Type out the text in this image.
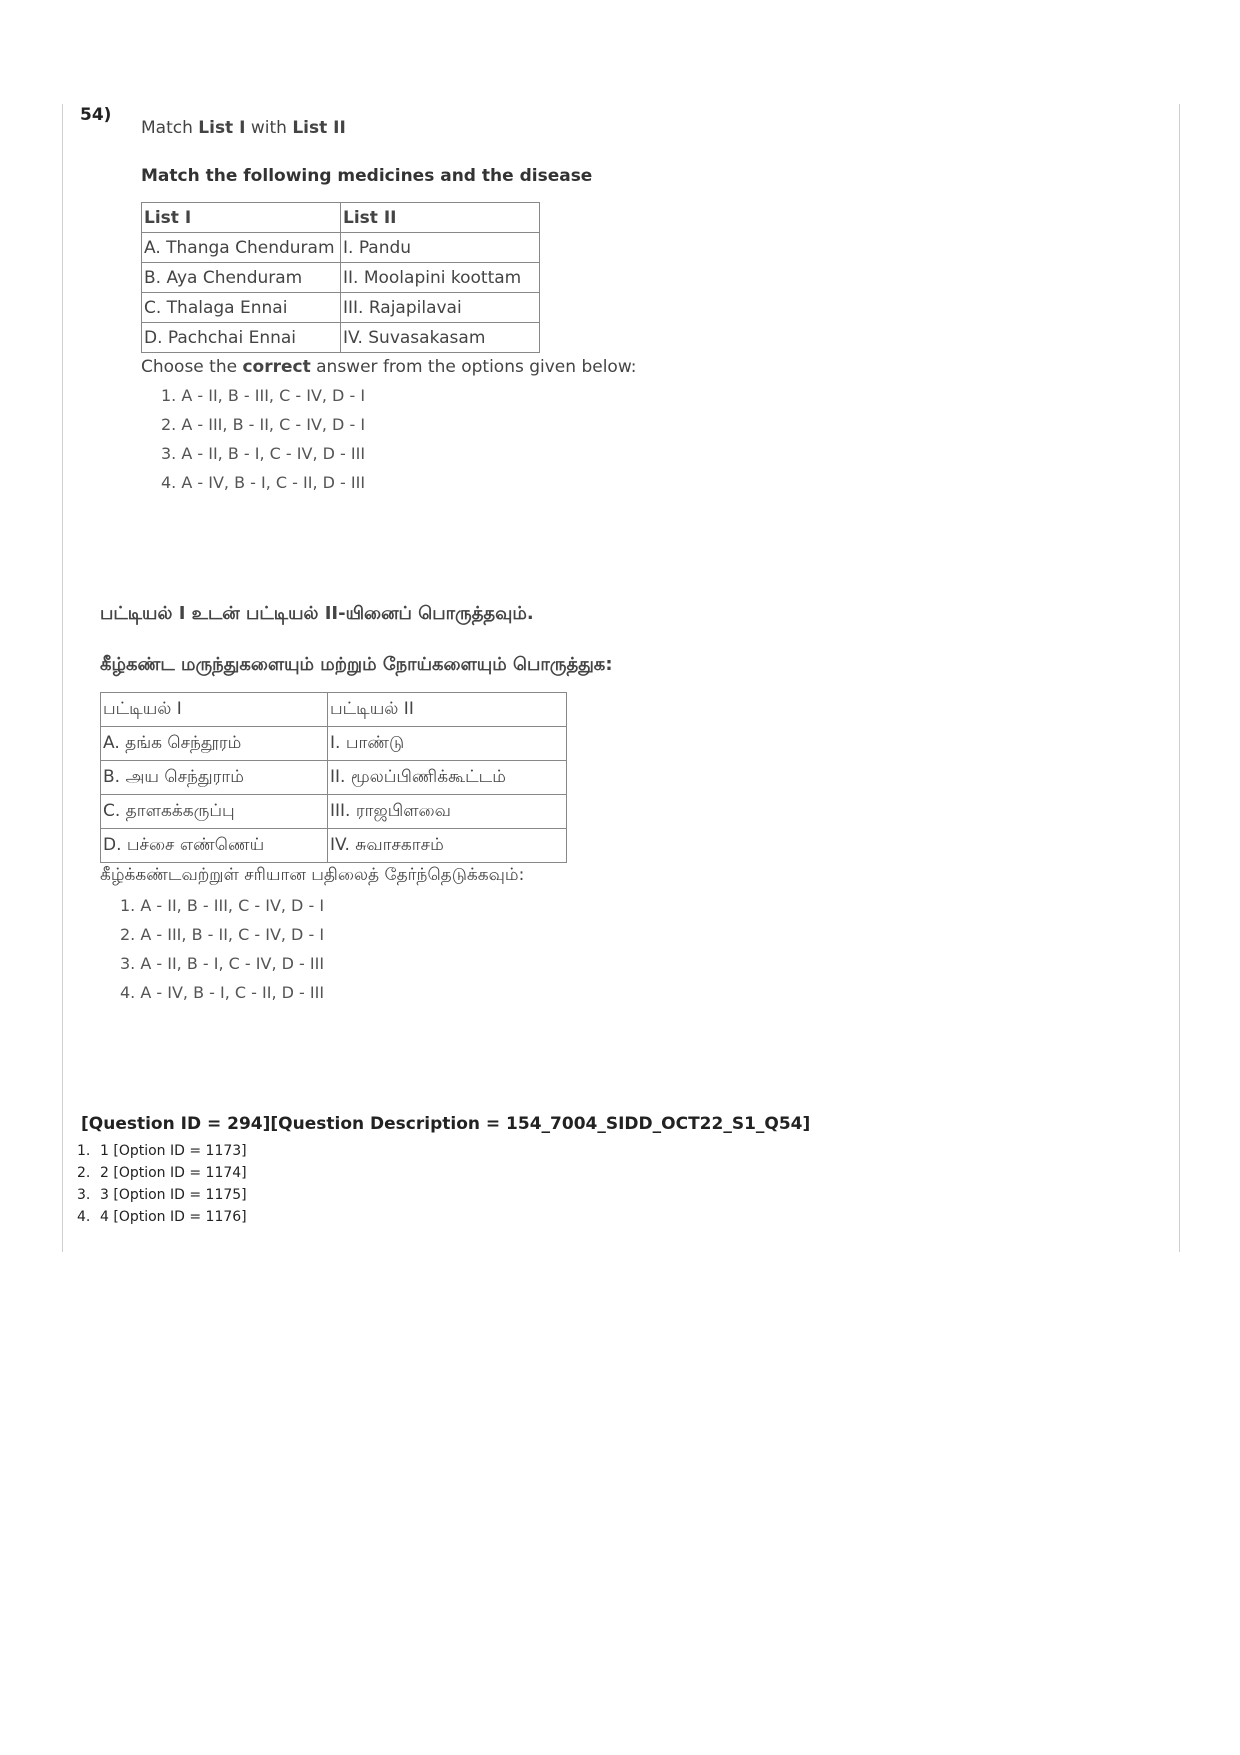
54)

Match List I with List II

Match the following medicines and the disease

List I	List II
A. Thanga Chenduram	I. Pandu
B. Aya Chenduram	II. Moolapini koottam
C. Thalaga Ennai	III. Rajapilavai
D. Pachchai Ennai	IV. Suvasakasam

Choose the correct answer from the options given below:

1. A - II, B - III, C - IV, D - I
2. A - III, B - II, C - IV, D - I
3. A - II, B - I, C - IV, D - III
4. A - IV, B - I, C - II, D - III

பட்டியல் I உடன் பட்டியல் II-யினைப் பொருத்தவும்.

கீழ்கண்ட மருந்துகளையும் மற்றும் நோய்களையும் பொருத்துக:

பட்டியல் I	பட்டியல் II
A. தங்க செந்தூரம்	I. பாண்டு
B. அய செந்துராம்	II. மூலப்பிணிக்கூட்டம்
C. தாளகக்கருப்பு	III. ராஜபிளவை
D. பச்சை எண்ணெய்	IV. சுவாசகாசம்

கீழ்க்கண்டவற்றுள் சரியான பதிலைத் தேர்ந்தெடுக்கவும்:

1. A - II, B - III, C - IV, D - I
2. A - III, B - II, C - IV, D - I
3. A - II, B - I, C - IV, D - III
4. A - IV, B - I, C - II, D - III
[Question ID = 294][Question Description = 154_7004_SIDD_OCT22_S1_Q54]
1. 1 [Option ID = 1173]
2. 2 [Option ID = 1174]
3. 3 [Option ID = 1175]
4. 4 [Option ID = 1176]
